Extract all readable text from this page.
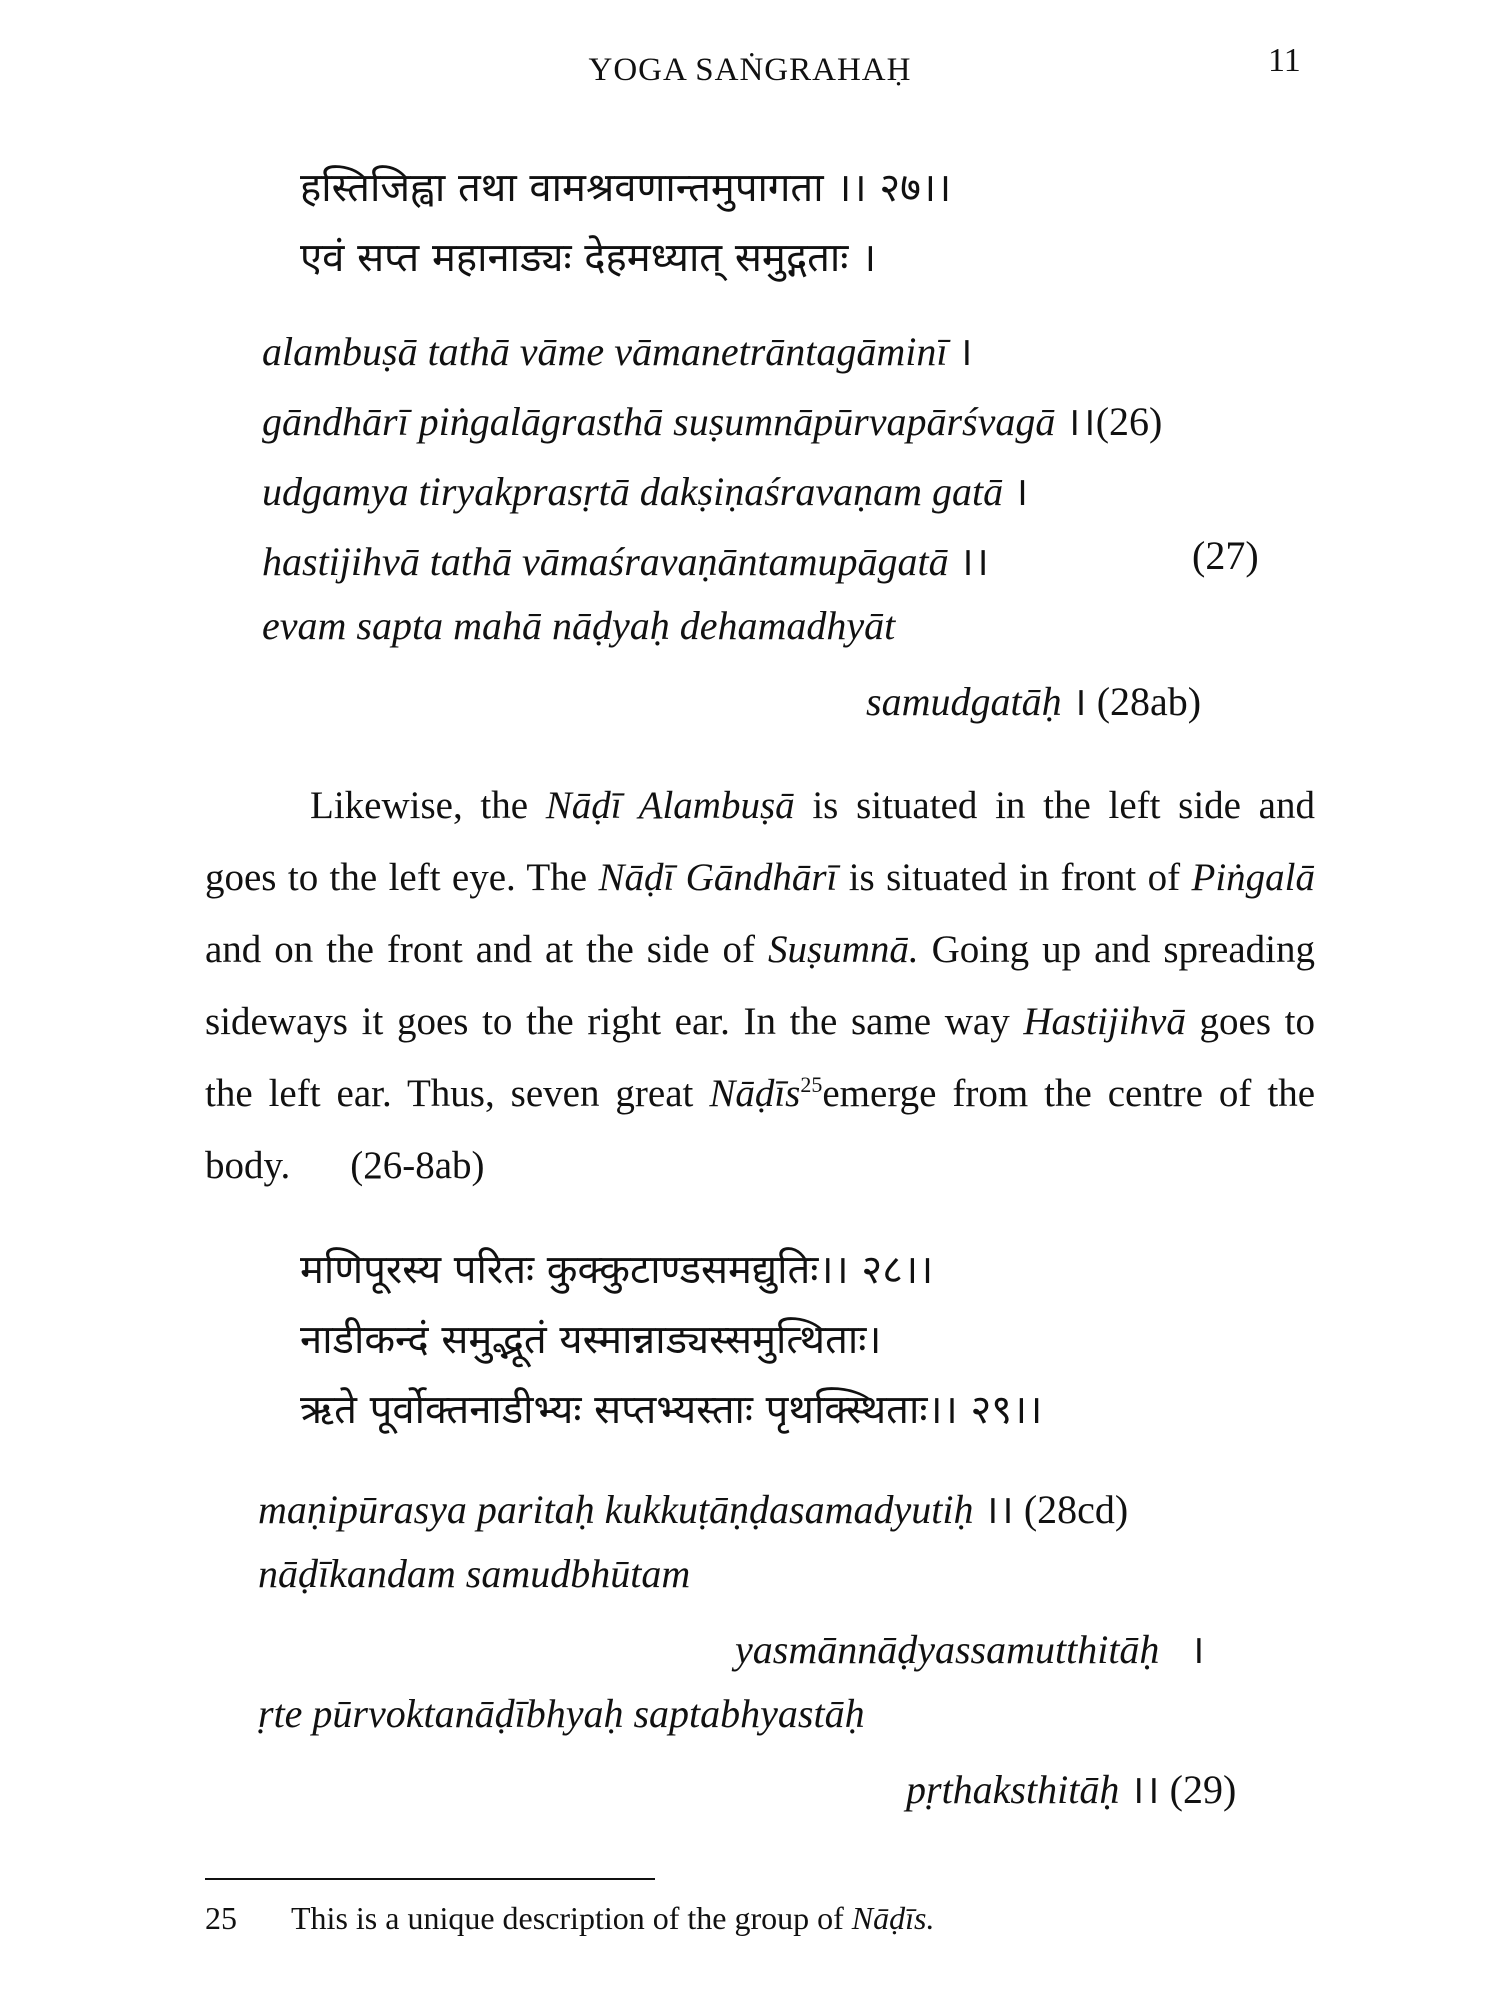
YOGA SAṄGRAHAḤ	11
हस्तिजिह्वा तथा वामश्रवणान्तमुपागता ।। २७।।
एवं सप्त महानाड्यः देहमध्यात् समुद्गताः ।
alambuṣā tathā vāme vāmanetrāntagāminī ।
gāndhārī piṅgalāgrasthā suṣumnāpūrvapārśvagā ।।(26)
udgamya tiryakprasṛtā dakṣiṇaśravaṇam gatā ।
hastijihvā tathā vāmaśravaṇāntamupāgatā ।।	(27)
evam sapta mahā nāḍyaḥ dehamadhyāt
samudgatāḥ । (28ab)

Likewise, the Nāḍī Alambuṣā is situated in the left side and goes to the left eye. The Nāḍī Gāndhārī is situated in front of Piṅgalā and on the front and at the side of Suṣumnā. Going up and spreading sideways it goes to the right ear. In the same way Hastijihvā goes to the left ear. Thus, seven great Nāḍīs$^{25}$emerge from the centre of the body. (26-8ab)

मणिपूरस्य परितः कुक्कुटाण्डसमद्युतिः।। २८।।
नाडीकन्दं समुद्भूतं यस्मान्नाड्यस्समुत्थिताः।
ऋते पूर्वोक्तनाडीभ्यः सप्तभ्यस्ताः पृथक्स्थिताः।। २९।।
maṇipūrasya paritaḥ kukkuṭāṇḍasamadyutiḥ ।। (28cd)
nāḍīkandam samudbhūtam
yasmānnāḍyassamutthitāḥ ।
ṛte pūrvoktanāḍībhyaḥ saptabhyastāḥ
pṛthaksthitāḥ ।। (29)
25 This is a unique description of the group of Nāḍīs.
